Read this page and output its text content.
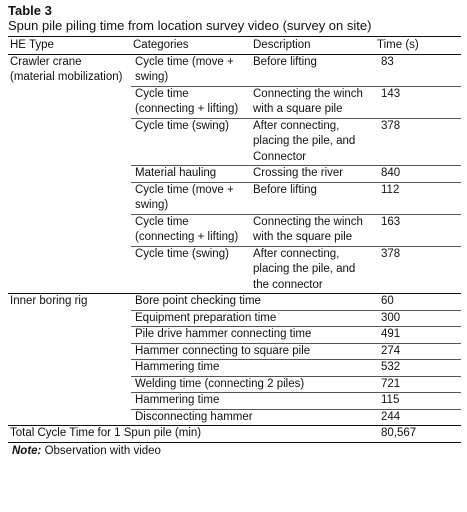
Table 3
Spun pile piling time from location survey video (survey on site)
HE Type	Categories	Description	Time (s)
Crawler crane (material mobilization)	Cycle time (move + swing)	Before lifting	83
	Cycle time (connecting + lifting)	Connecting the winch with a square pile	143
	Cycle time (swing)	After connecting, placing the pile, and Connector	378
	Material hauling	Crossing the river	840
	Cycle time (move + swing)	Before lifting	112
	Cycle time (connecting + lifting)	Connecting the winch with the square pile	163
	Cycle time (swing)	After connecting, placing the pile, and the connector	378
Inner boring rig	Bore point checking time		60
	Equipment preparation time		300
	Pile drive hammer connecting time		491
	Hammer connecting to square pile		274
	Hammering time		532
	Welding time (connecting 2 piles)		721
	Hammering time		115
	Disconnecting hammer		244
Total Cycle Time for 1 Spun pile (min)			80,567
Note: Observation with video
